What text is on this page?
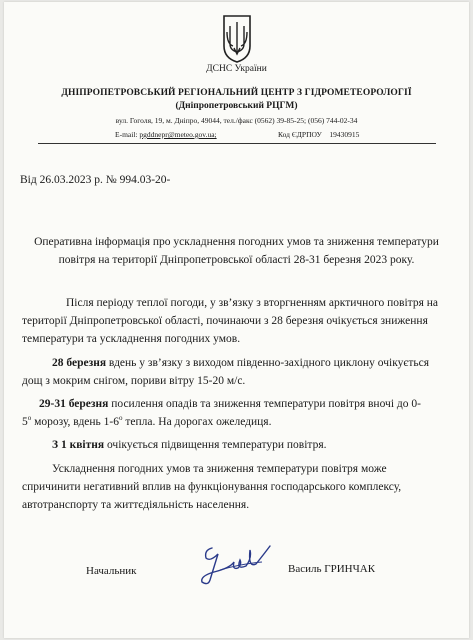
ДСНС України
ДНІПРОПЕТРОВСЬКИЙ РЕГІОНАЛЬНИЙ ЦЕНТР З ГІДРОМЕТЕОРОЛОГІЇ
(Дніпропетровський РЦГМ)
вул. Гоголя, 19, м. Дніпро, 49044, тел./факс (0562) 39-85-25; (056) 744-02-34
E-mail: pgddnepr@meteo.gov.ua;	Код ЄДРПОУ 19430915
Від 26.03.2023 р. № 994.03-20-
Оперативна інформація про ускладнення погодних умов та зниження температури
повітря на території Дніпропетровської області 28-31 березня 2023 року.
Після періоду теплої погоди, у зв’язку з вторгненням арктичного повітря на
території Дніпропетровської області, починаючи з 28 березня очікується зниження
температури та ускладнення погодних умов.
28 березня вдень у зв’язку з виходом південно-західного циклону очікується
дощ з мокрим снігом, пориви вітру 15-20 м/с.
29-31 березня посилення опадів та зниження температури повітря вночі до 0-
$5^о$ морозу, вдень $1-6^о$ тепла. На дорогах ожеледиця.
З 1 квітня очікується підвищення температури повітря.
Ускладнення погодних умов та зниження температури повітря може
спричинити негативний вплив на функціонування господарського комплексу,
автотранспорту та життєдіяльність населення.
Начальник	Василь ГРИНЧАК
